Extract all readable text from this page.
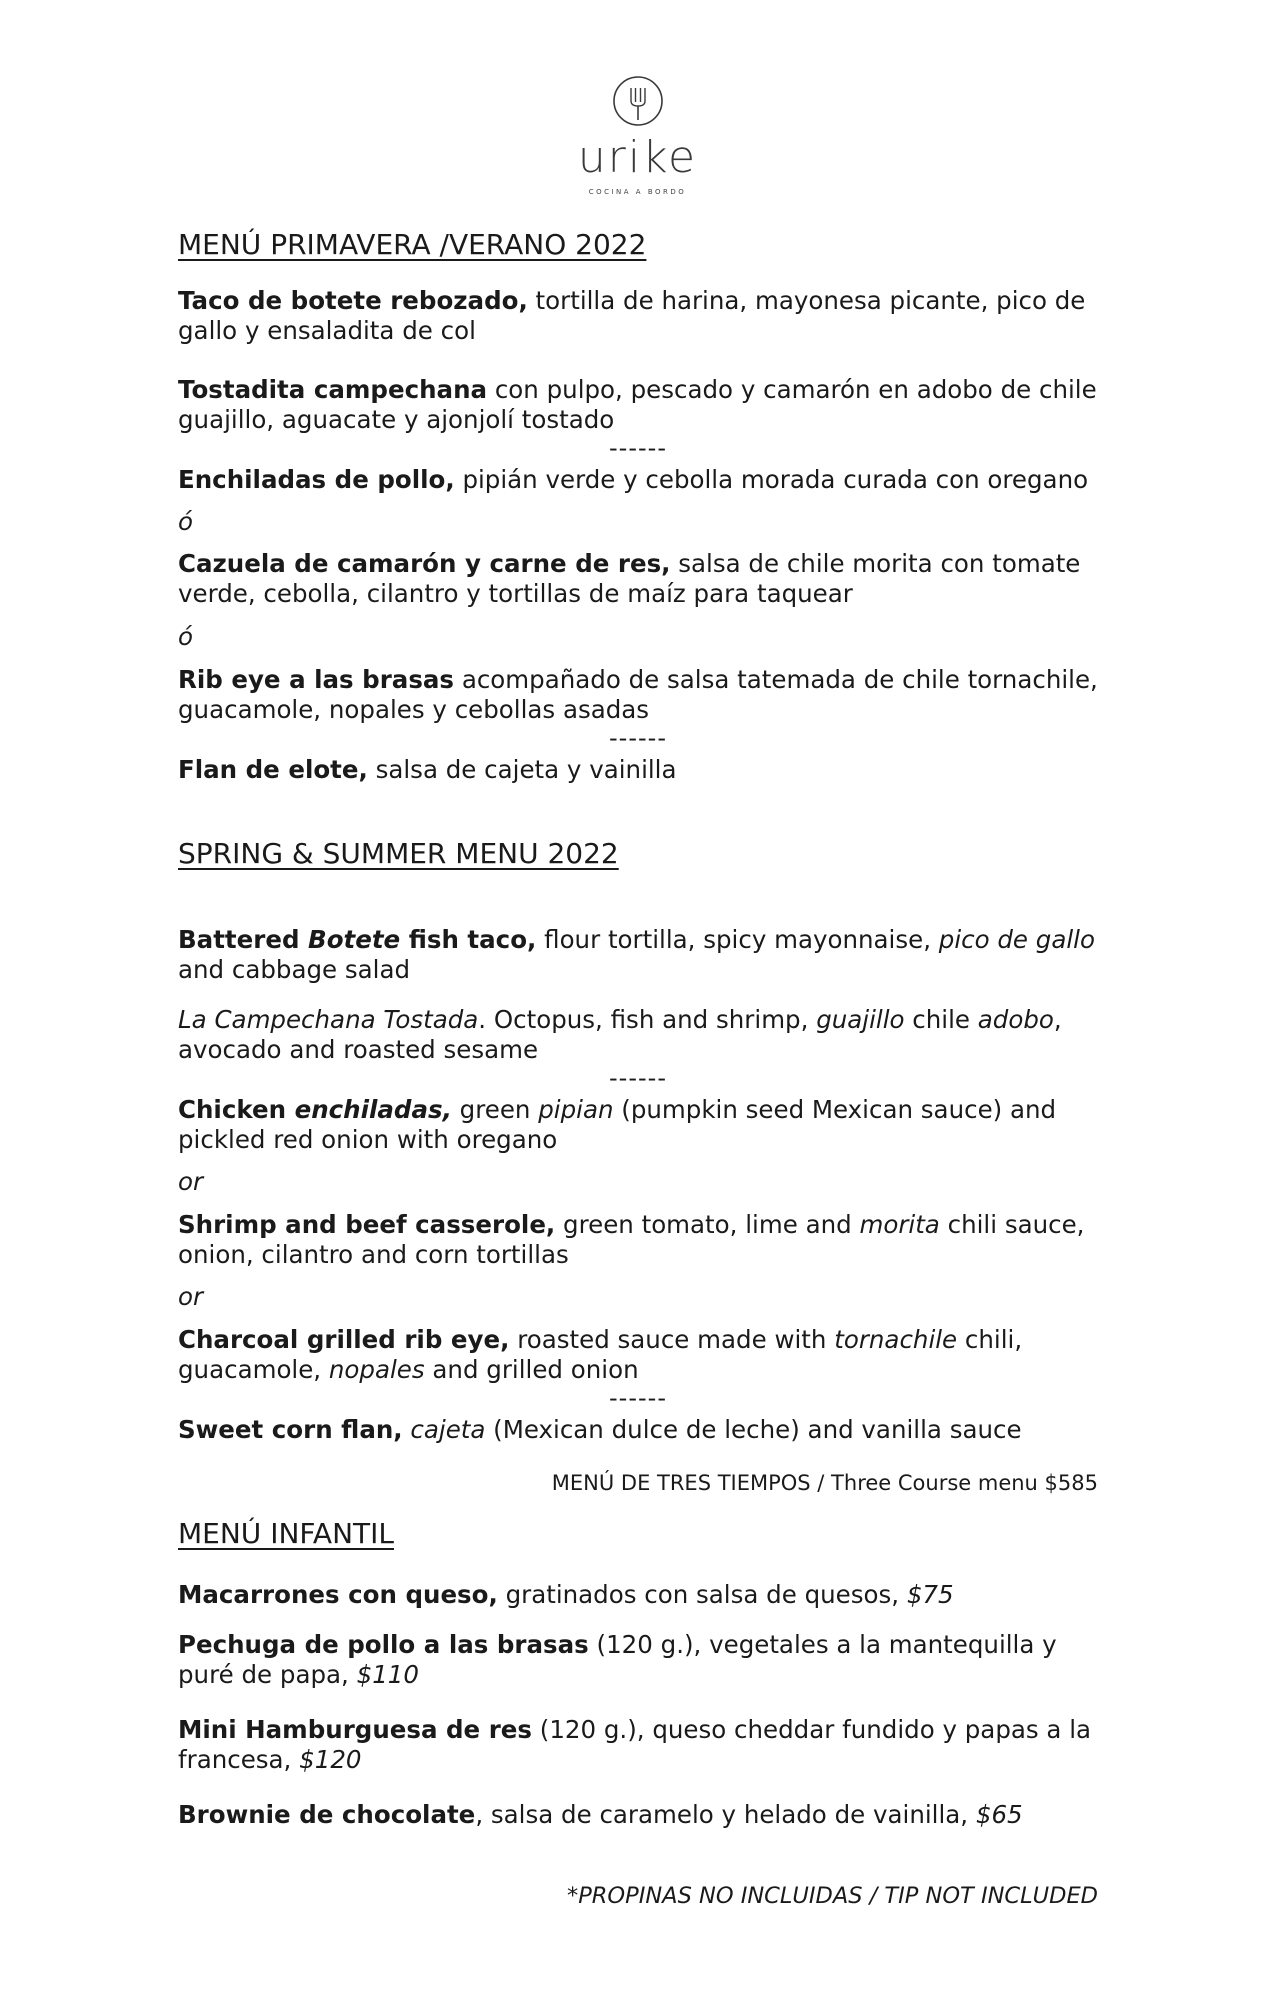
urike
COCINA A BORDO
MENÚ PRIMAVERA /VERANO 2022
Taco de botete rebozado, tortilla de harina, mayonesa picante, pico de
gallo y ensaladita de col
Tostadita campechana con pulpo, pescado y camarón en adobo de chile
guajillo, aguacate y ajonjolí tostado
------
Enchiladas de pollo, pipián verde y cebolla morada curada con oregano
ó
Cazuela de camarón y carne de res, salsa de chile morita con tomate
verde, cebolla, cilantro y tortillas de maíz para taquear
ó
Rib eye a las brasas acompañado de salsa tatemada de chile tornachile,
guacamole, nopales y cebollas asadas
------
Flan de elote, salsa de cajeta y vainilla
SPRING & SUMMER MENU 2022
Battered Botete fish taco, flour tortilla, spicy mayonnaise, pico de gallo
and cabbage salad
La Campechana Tostada. Octopus, fish and shrimp, guajillo chile adobo,
avocado and roasted sesame
------
Chicken enchiladas, green pipian (pumpkin seed Mexican sauce) and
pickled red onion with oregano
or
Shrimp and beef casserole, green tomato, lime and morita chili sauce,
onion, cilantro and corn tortillas
or
Charcoal grilled rib eye, roasted sauce made with tornachile chili,
guacamole, nopales and grilled onion
------
Sweet corn flan, cajeta (Mexican dulce de leche) and vanilla sauce
MENÚ DE TRES TIEMPOS / Three Course menu $585
MENÚ INFANTIL
Macarrones con queso, gratinados con salsa de quesos, $75
Pechuga de pollo a las brasas (120 g.), vegetales a la mantequilla y
puré de papa, $110
Mini Hamburguesa de res (120 g.), queso cheddar fundido y papas a la
francesa, $120
Brownie de chocolate, salsa de caramelo y helado de vainilla, $65
*PROPINAS NO INCLUIDAS / TIP NOT INCLUDED
